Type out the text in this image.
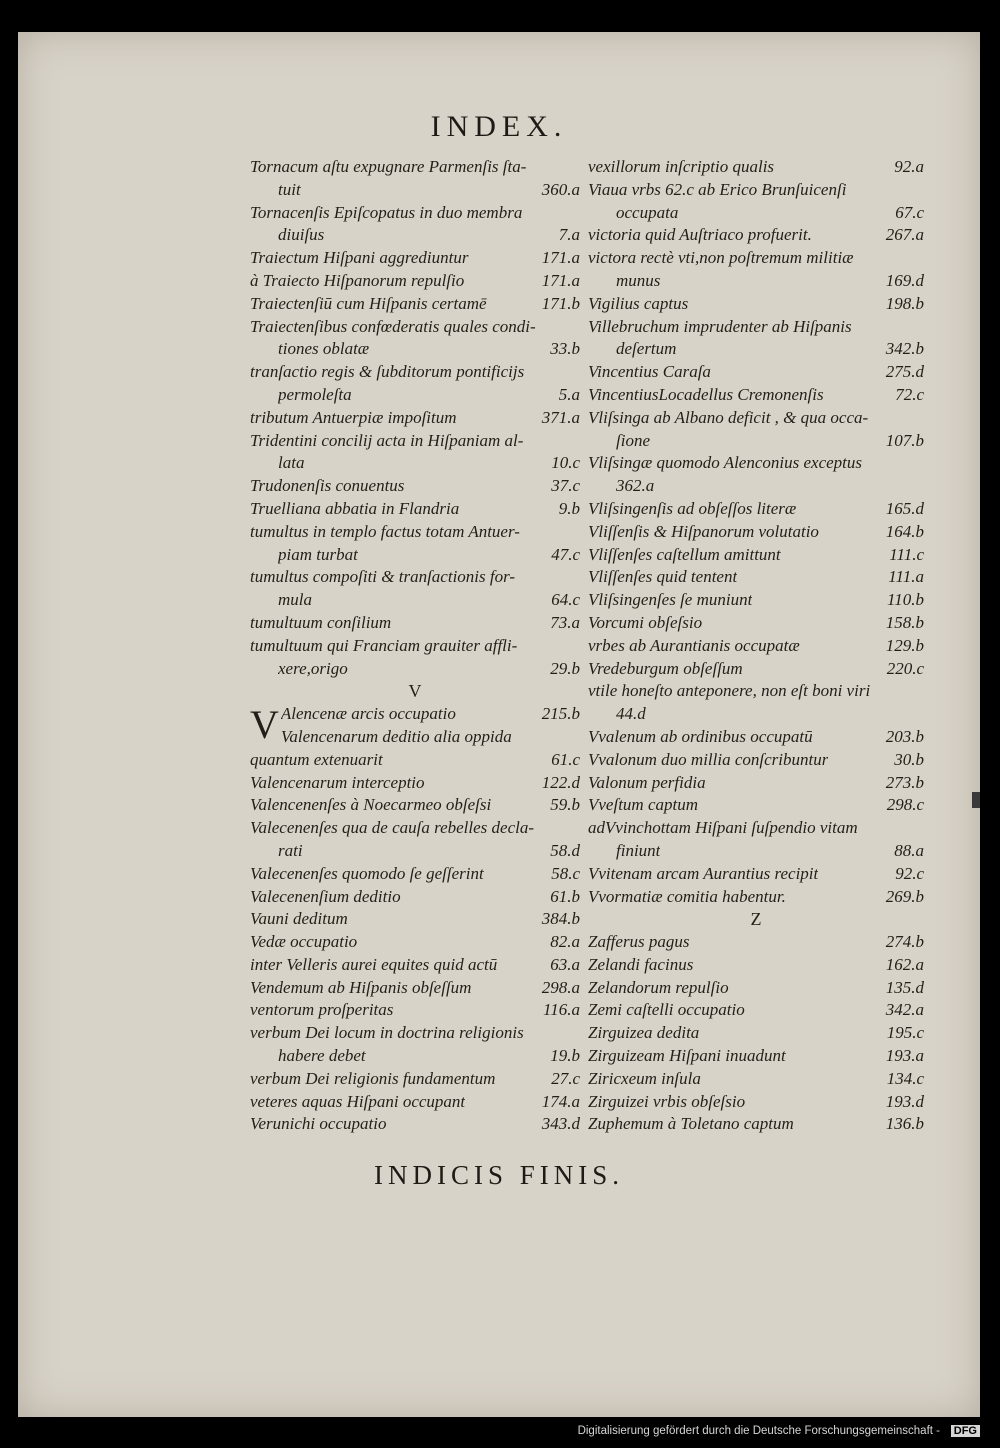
INDEX.
Tornacum aſtu expugnare Parmenſis ſta-
tuit	360.a
Tornacenſis Epiſcopatus in duo membra
diuiſus	7.a
Traiectum Hiſpani aggrediuntur	171.a
à Traiecto Hiſpanorum repulſio	171.a
Traiectenſiū cum Hiſpanis certamē	171.b
Traiectenſibus confœderatis quales condi-
tiones oblatæ	33.b
tranſactio regis & ſubditorum pontificijs
permoleſta	5.a
tributum Antuerpiæ impoſitum	371.a
Tridentini concilij acta in Hiſpaniam al-
lata	10.c
Trudonenſis conuentus	37.c
Truelliana abbatia in Flandria	9.b
tumultus in templo factus totam Antuer-
piam turbat	47.c
tumultus compoſiti & tranſactionis for-
mula	64.c
tumultuum conſilium	73.a
tumultuum qui Franciam grauiter affli-
xere,origo	29.b
V
V Alencenæ arcis occupatio	215.b
Valencenarum deditio alia oppida
quantum extenuarit	61.c
Valencenarum interceptio	122.d
Valencenenſes à Noecarmeo obſeſsi	59.b
Valecenenſes qua de cauſa rebelles decla-
rati	58.d
Valecenenſes quomodo ſe geſſerint	58.c
Valecenenſium deditio	61.b
Vauni deditum	384.b
Vedæ occupatio	82.a
inter Velleris aurei equites quid actū	63.a
Vendemum ab Hiſpanis obſeſſum	298.a
ventorum proſperitas	116.a
verbum Dei locum in doctrina religionis
habere debet	19.b
verbum Dei religionis fundamentum	27.c
veteres aquas Hiſpani occupant	174.a
Verunichi occupatio	343.d
vexillorum inſcriptio qualis	92.a
Viaua vrbs 62.c ab Erico Brunſuicenſi
occupata	67.c
victoria quid Auſtriaco profuerit.	267.a
victora rectè vti,non poſtremum militiæ
munus	169.d
Vigilius captus	198.b
Villebruchum imprudenter ab Hiſpanis
deſertum	342.b
Vincentius Caraſa	275.d
VincentiusLocadellus Cremonenſis	72.c
Vliſsinga ab Albano deficit , & qua occa-
ſione	107.b
Vliſsingæ quomodo Alenconius exceptus
362.a
Vliſsingenſis ad obſeſſos literæ	165.d
Vliſſenſis & Hiſpanorum volutatio	164.b
Vliſſenſes caſtellum amittunt	111.c
Vliſſenſes quid tentent	111.a
Vliſsingenſes ſe muniunt	110.b
Vorcumi obſeſsio	158.b
vrbes ab Aurantianis occupatæ	129.b
Vredeburgum obſeſſum	220.c
vtile honeſto anteponere, non eſt boni viri
44.d
Vvalenum ab ordinibus occupatū	203.b
Vvalonum duo millia conſcribuntur	30.b
Valonum perfidia	273.b
Vveſtum captum	298.c
adVvinchottam Hiſpani ſuſpendio vitam
finiunt	88.a
Vvitenam arcam Aurantius recipit	92.c
Vvormatiæ comitia habentur.	269.b
Z
Zafferus pagus	274.b
Zelandi facinus	162.a
Zelandorum repulſio	135.d
Zemi caſtelli occupatio	342.a
Zirguizea dedita	195.c
Zirguizeam Hiſpani inuadunt	193.a
Ziricxeum inſula	134.c
Zirguizei vrbis obſeſsio	193.d
Zuphemum à Toletano captum	136.b
INDICIS FINIS.
Digitalisierung gefördert durch die Deutsche Forschungsgemeinschaft - DFG
